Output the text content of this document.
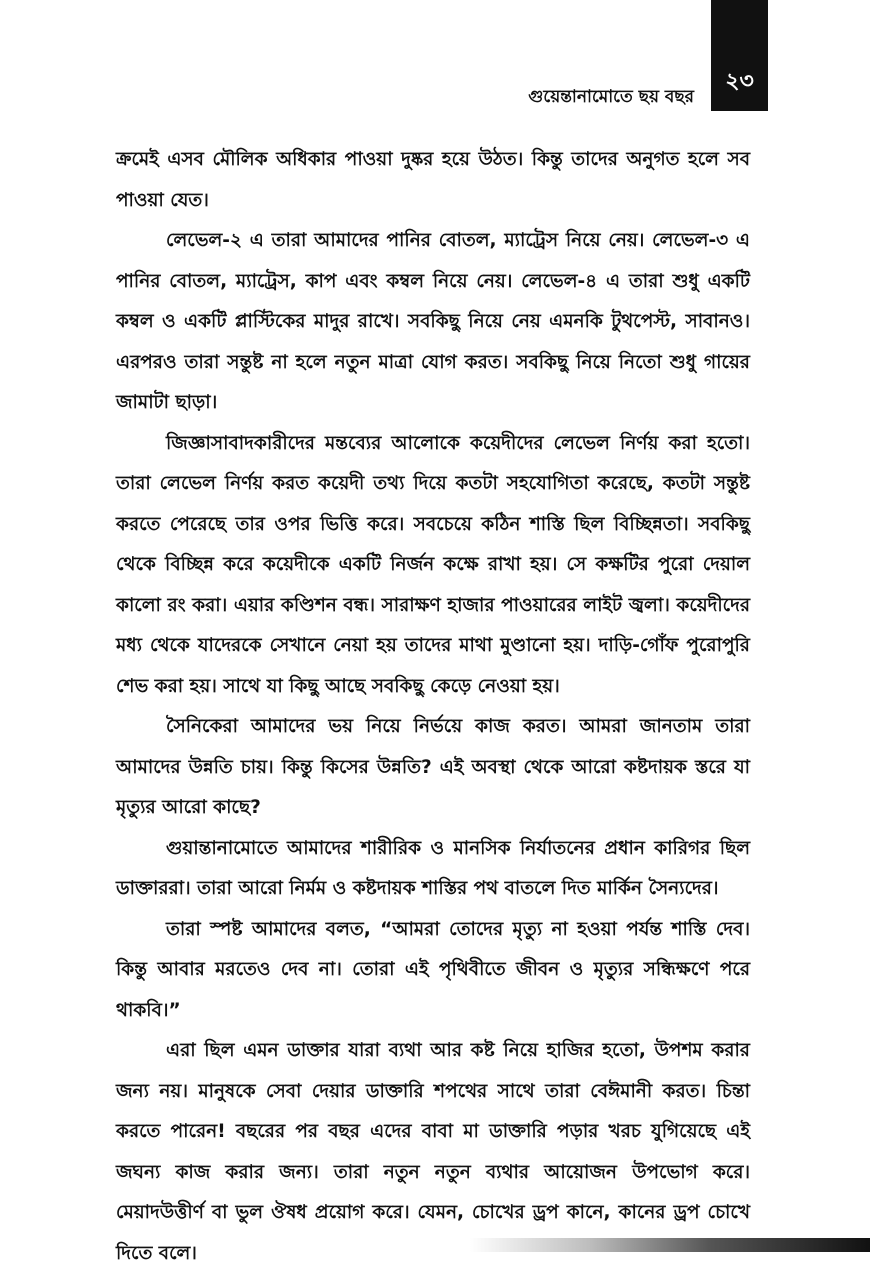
২৩
গুয়েন্তানামোতে ছয় বছর

ক্রমেই এসব মৌলিক অধিকার পাওয়া দুষ্কর হয়ে উঠত। কিন্তু তাদের অনুগত হলে সব পাওয়া যেত।

লেভেল-২ এ তারা আমাদের পানির বোতল, ম্যাট্রেস নিয়ে নেয়। লেভেল-৩ এ পানির বোতল, ম্যাট্রেস, কাপ এবং কম্বল নিয়ে নেয়। লেভেল-৪ এ তারা শুধু একটি কম্বল ও একটি প্লাস্টিকের মাদুর রাখে। সবকিছু নিয়ে নেয় এমনকি টুথপেস্ট, সাবানও। এরপরও তারা সন্তুষ্ট না হলে নতুন মাত্রা যোগ করত। সবকিছু নিয়ে নিতো শুধু গায়ের জামাটা ছাড়া।

জিজ্ঞাসাবাদকারীদের মন্তব্যের আলোকে কয়েদীদের লেভেল নির্ণয় করা হতো। তারা লেভেল নির্ণয় করত কয়েদী তথ্য দিয়ে কতটা সহযোগিতা করেছে, কতটা সন্তুষ্ট করতে পেরেছে তার ওপর ভিত্তি করে। সবচেয়ে কঠিন শাস্তি ছিল বিচ্ছিন্নতা। সবকিছু থেকে বিচ্ছিন্ন করে কয়েদীকে একটি নির্জন কক্ষে রাখা হয়। সে কক্ষটির পুরো দেয়াল কালো রং করা। এয়ার কণ্ডিশন বন্ধ। সারাক্ষণ হাজার পাওয়ারের লাইট জ্বলা। কয়েদীদের মধ্য থেকে যাদেরকে সেখানে নেয়া হয় তাদের মাথা মুণ্ডানো হয়। দাড়ি-গোঁফ পুরোপুরি শেভ করা হয়। সাথে যা কিছু আছে সবকিছু কেড়ে নেওয়া হয়।

সৈনিকেরা আমাদের ভয় নিয়ে নির্ভয়ে কাজ করত। আমরা জানতাম তারা আমাদের উন্নতি চায়। কিন্তু কিসের উন্নতি? এই অবস্থা থেকে আরো কষ্টদায়ক স্তরে যা মৃত্যুর আরো কাছে?

গুয়ান্তানামোতে আমাদের শারীরিক ও মানসিক নির্যাতনের প্রধান কারিগর ছিল ডাক্তাররা। তারা আরো নির্মম ও কষ্টদায়ক শাস্তির পথ বাতলে দিত মার্কিন সৈন্যদের।

তারা স্পষ্ট আমাদের বলত, “আমরা তোদের মৃত্যু না হওয়া পর্যন্ত শাস্তি দেব। কিন্তু আবার মরতেও দেব না। তোরা এই পৃথিবীতে জীবন ও মৃত্যুর সন্ধিক্ষণে পরে থাকবি।”

এরা ছিল এমন ডাক্তার যারা ব্যথা আর কষ্ট নিয়ে হাজির হতো, উপশম করার জন্য নয়। মানুষকে সেবা দেয়ার ডাক্তারি শপথের সাথে তারা বেঈমানী করত। চিন্তা করতে পারেন! বছরের পর বছর এদের বাবা মা ডাক্তারি পড়ার খরচ যুগিয়েছে এই জঘন্য কাজ করার জন্য। তারা নতুন নতুন ব্যথার আয়োজন উপভোগ করে। মেয়াদউত্তীর্ণ বা ভুল ঔষধ প্রয়োগ করে। যেমন, চোখের ড্রপ কানে, কানের ড্রপ চোখে দিতে বলে।
